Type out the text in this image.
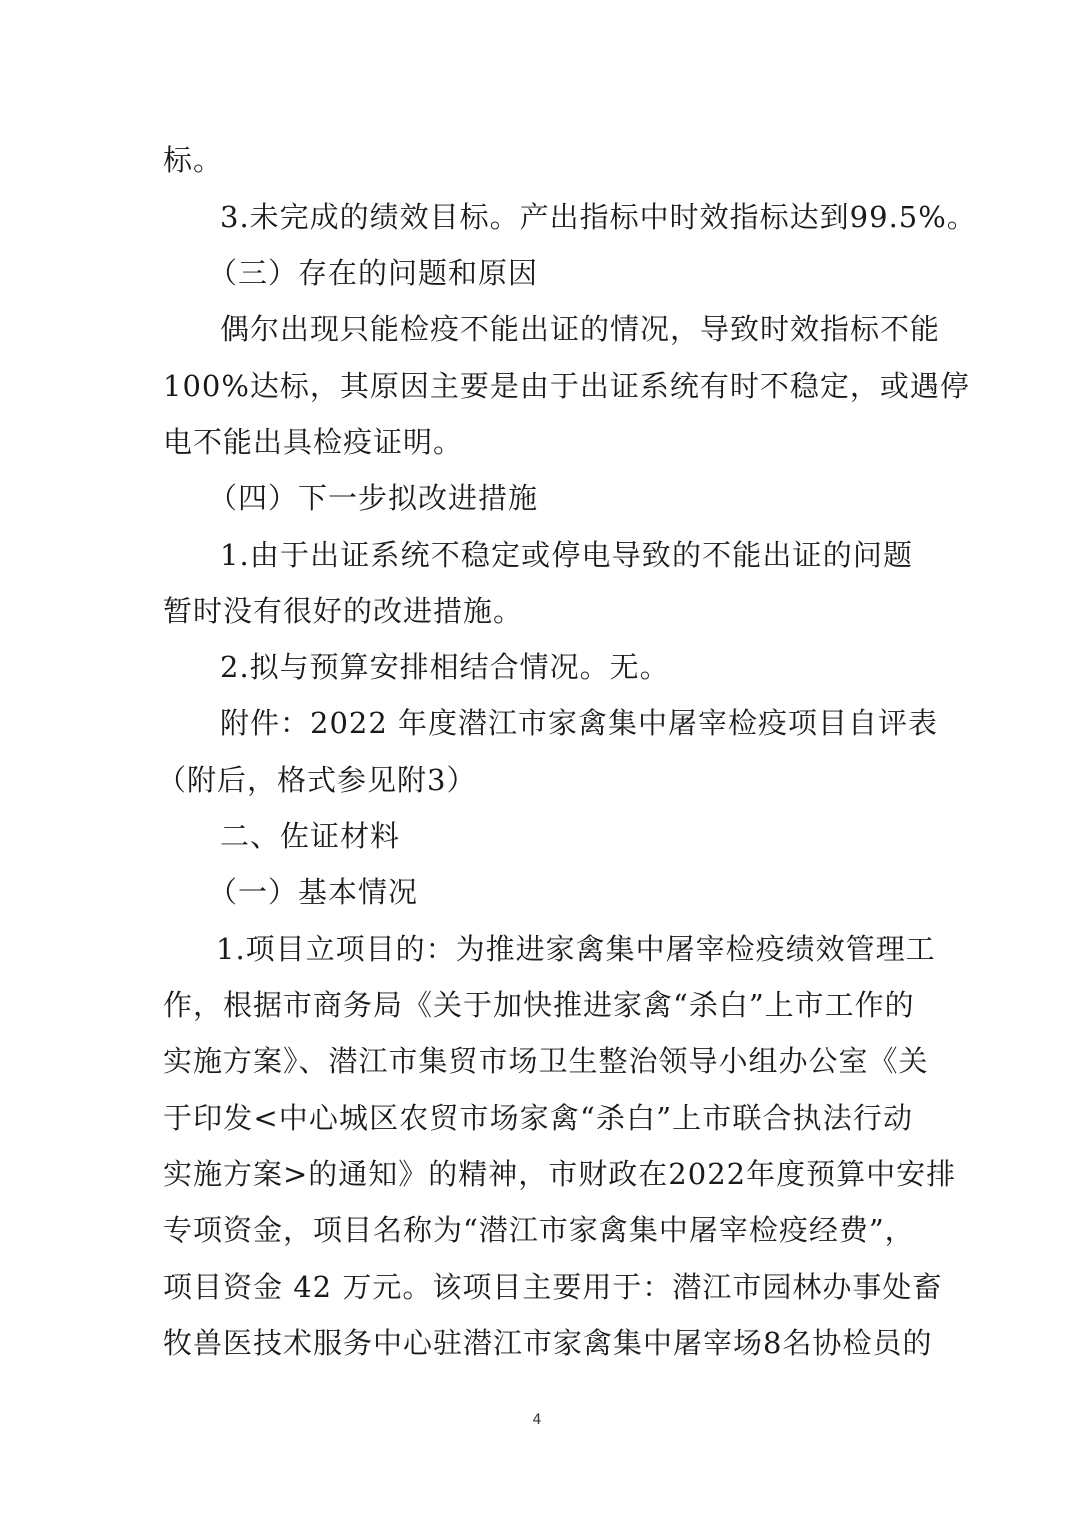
标。
3.未完成的绩效目标。产出指标中时效指标达到99.5%。
（三）存在的问题和原因
偶尔出现只能检疫不能出证的情况，导致时效指标不能
100%达标，其原因主要是由于出证系统有时不稳定，或遇停
电不能出具检疫证明。
（四）下一步拟改进措施
1.由于出证系统不稳定或停电导致的不能出证的问题
暂时没有很好的改进措施。
2.拟与预算安排相结合情况。无。
附件：2022 年度潜江市家禽集中屠宰检疫项目自评表
（附后，格式参见附3）
二、佐证材料
（一）基本情况
1.项目立项目的：为推进家禽集中屠宰检疫绩效管理工
作，根据市商务局《关于加快推进家禽“杀白”上市工作的
实施方案》、潜江市集贸市场卫生整治领导小组办公室《关
于印发<中心城区农贸市场家禽“杀白”上市联合执法行动
实施方案>的通知》的精神，市财政在2022年度预算中安排
专项资金，项目名称为“潜江市家禽集中屠宰检疫经费”，
项目资金 42 万元。该项目主要用于：潜江市园林办事处畜
牧兽医技术服务中心驻潜江市家禽集中屠宰场8名协检员的
4
